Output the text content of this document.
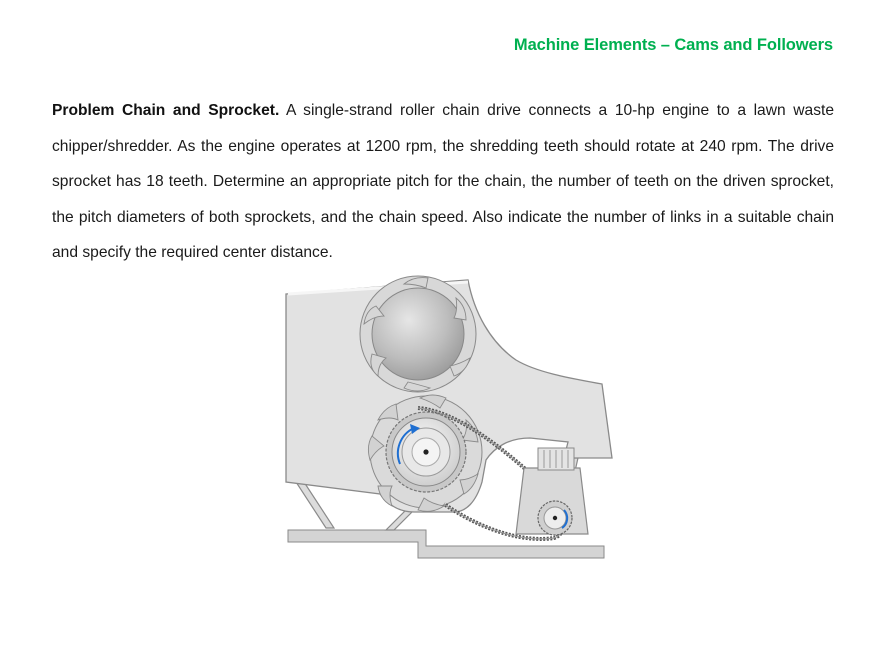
Machine Elements – Cams and Followers

Problem Chain and Sprocket. A single-strand roller chain drive connects a 10-hp engine to a lawn waste chipper/shredder. As the engine operates at 1200 rpm, the shredding teeth should rotate at 240 rpm. The drive sprocket has 18 teeth. Determine an appropriate pitch for the chain, the number of teeth on the driven sprocket, the pitch diameters of both sprockets, and the chain speed. Also indicate the number of links in a suitable chain and specify the required center distance.
